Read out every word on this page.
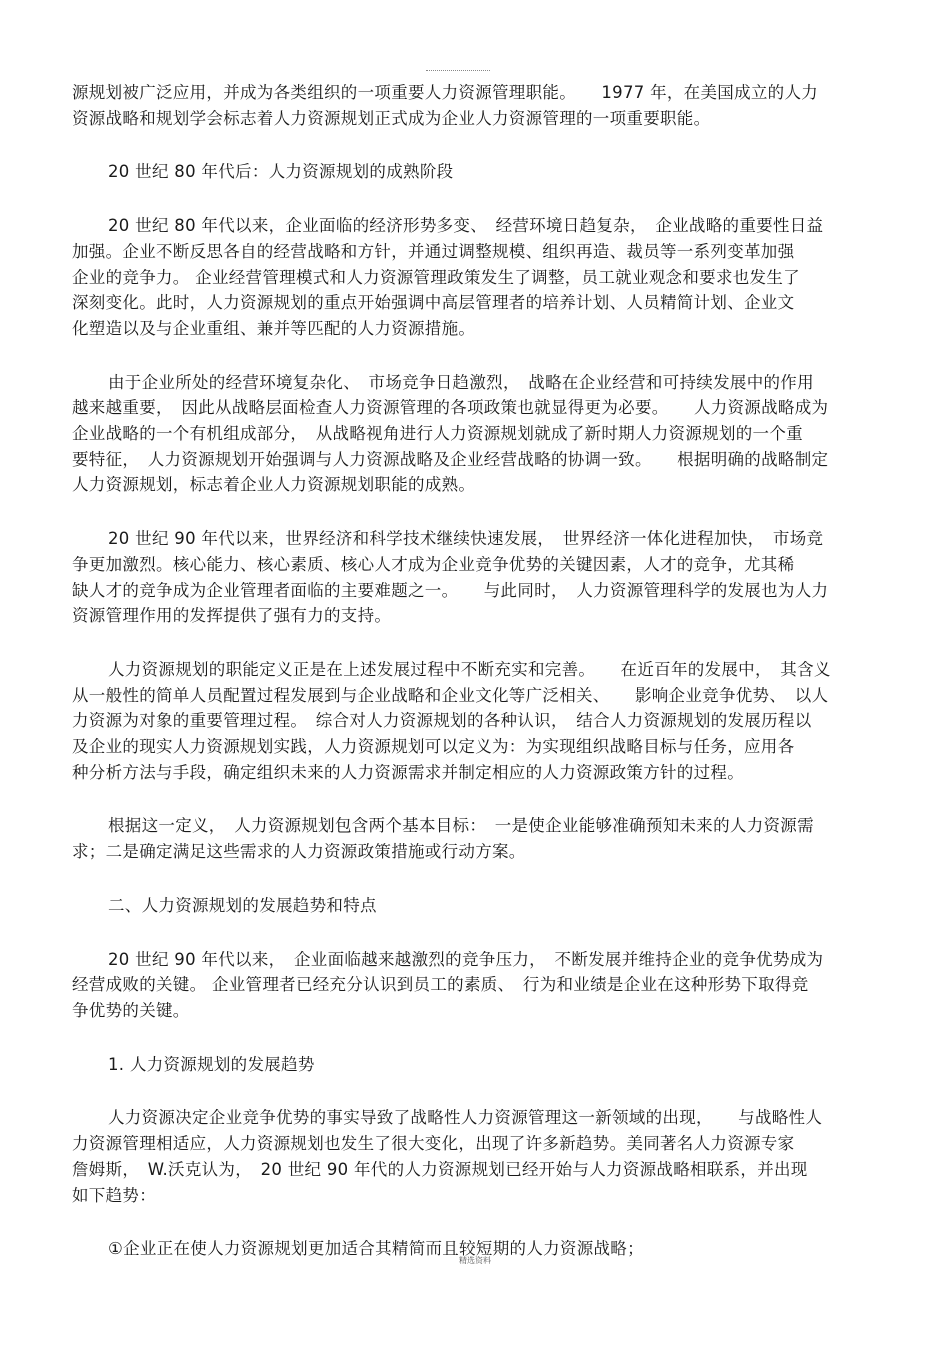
源规划被广泛应用，并成为各类组织的一项重要人力资源管理职能。　　1977 年，在美国成立的人力
资源战略和规划学会标志着人力资源规划正式成为企业人力资源管理的一项重要职能。
20 世纪 80 年代后：人力资源规划的成熟阶段
20 世纪 80 年代以来，企业面临的经济形势多变、　经营环境日趋复杂，　企业战略的重要性日益
加强。企业不断反思各自的经营战略和方针，并通过调整规模、组织再造、裁员等一系列变革加强
企业的竞争力。 企业经营管理模式和人力资源管理政策发生了调整，员工就业观念和要求也发生了
深刻变化。此时，人力资源规划的重点开始强调中高层管理者的培养计划、人员精简计划、企业文
化塑造以及与企业重组、兼并等匹配的人力资源措施。
由于企业所处的经营环境复杂化、　市场竞争日趋激烈，　战略在企业经营和可持续发展中的作用
越来越重要，　因此从战略层面检查人力资源管理的各项政策也就显得更为必要。　　人力资源战略成为
企业战略的一个有机组成部分，　从战略视角进行人力资源规划就成了新时期人力资源规划的一个重
要特征，　人力资源规划开始强调与人力资源战略及企业经营战略的协调一致。　　根据明确的战略制定
人力资源规划，标志着企业人力资源规划职能的成熟。
20 世纪 90 年代以来，世界经济和科学技术继续快速发展，　世界经济一体化进程加快，　市场竞
争更加激烈。核心能力、核心素质、核心人才成为企业竞争优势的关键因素，人才的竞争，尤其稀
缺人才的竞争成为企业管理者面临的主要难题之一。　　与此同时，　人力资源管理科学的发展也为人力
资源管理作用的发挥提供了强有力的支持。
人力资源规划的职能定义正是在上述发展过程中不断充实和完善。　　在近百年的发展中，　其含义
从一般性的简单人员配置过程发展到与企业战略和企业文化等广泛相关、　　影响企业竞争优势、　以人
力资源为对象的重要管理过程。　综合对人力资源规划的各种认识，　结合人力资源规划的发展历程以
及企业的现实人力资源规划实践，人力资源规划可以定义为：为实现组织战略目标与任务，应用各
种分析方法与手段，确定组织未来的人力资源需求并制定相应的人力资源政策方针的过程。
根据这一定义，　人力资源规划包含两个基本目标：　一是使企业能够准确预知未来的人力资源需
求；二是确定满足这些需求的人力资源政策措施或行动方案。
二、人力资源规划的发展趋势和特点
20 世纪 90 年代以来，　企业面临越来越激烈的竞争压力，　不断发展并维持企业的竞争优势成为
经营成败的关键。 企业管理者已经充分认识到员工的素质、　行为和业绩是企业在这种形势下取得竞
争优势的关键。
1. 人力资源规划的发展趋势
人力资源决定企业竞争优势的事实导致了战略性人力资源管理这一新领域的出现，　　与战略性人
力资源管理相适应，人力资源规划也发生了很大变化，出现了许多新趋势。美同著名人力资源专家
詹姆斯，　W.沃克认为，　20 世纪 90 年代的人力资源规划已经开始与人力资源战略相联系，并出现
如下趋势：
①企业正在使人力资源规划更加适合其精简而且较短期的人力资源战略；
精选资料
